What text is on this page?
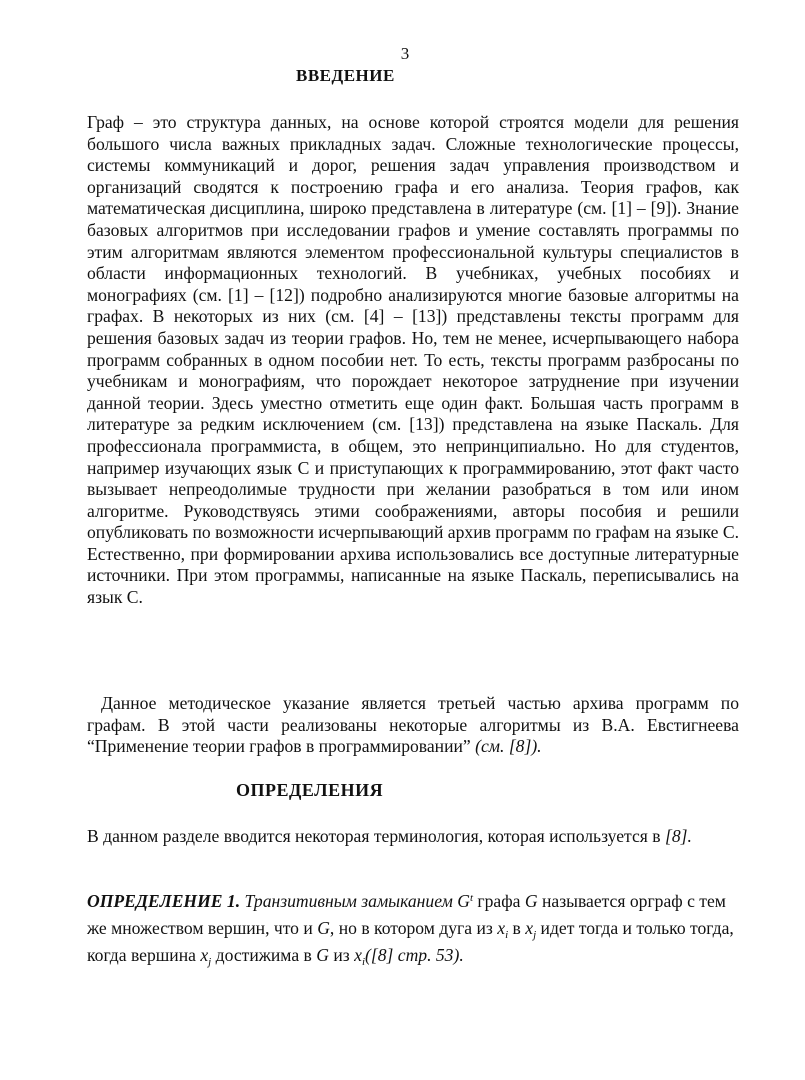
3
ВВЕДЕНИЕ

Граф – это структура данных, на основе которой строятся модели для решения большого числа важных прикладных задач. Сложные технологические процессы, системы коммуникаций и дорог, решения задач управления производством и организаций сводятся к построению графа и его анализа. Теория графов, как математическая дисциплина, широко представлена в литературе (см. [1] – [9]). Знание базовых алгоритмов при исследовании графов и умение составлять программы по этим алгоритмам являются элементом профессиональной культуры специалистов в области информационных технологий. В учебниках, учебных пособиях и монографиях (см. [1] – [12]) подробно анализируются многие базовые алгоритмы на графах. В некоторых из них (см. [4] – [13]) представлены тексты программ для решения базовых задач из теории графов. Но, тем не менее, исчерпывающего набора программ собранных в одном пособии нет. То есть, тексты программ разбросаны по учебникам и монографиям, что порождает некоторое затруднение при изучении данной теории. Здесь уместно отметить еще один факт. Большая часть программ в литературе за редким исключением (см. [13]) представлена на языке Паскаль. Для профессионала программиста, в общем, это непринципиально. Но для студентов, например изучающих язык С и приступающих к программированию, этот факт часто вызывает непреодолимые трудности при желании разобраться в том или ином алгоритме. Руководствуясь этими соображениями, авторы пособия и решили опубликовать по возможности исчерпывающий архив программ по графам на языке С. Естественно, при формировании архива использовались все доступные литературные источники. При этом программы, написанные на языке Паскаль, переписывались на язык С.

Данное методическое указание является третьей частью архива программ по графам. В этой части реализованы некоторые алгоритмы из В.А. Евстигнеева “Применение теории графов в программировании” (см. [8]).

ОПРЕДЕЛЕНИЯ

В данном разделе вводится некоторая терминология, которая используется в [8].

ОПРЕДЕЛЕНИЕ 1. Транзитивным замыканием $G^t$ графа G называется орграф с тем же множеством вершин, что и G, но в котором дуга из $x_i$ в $x_j$ идет тогда и только тогда, когда вершина $x_j$ достижима в G из $x_i([8]$ стр. 53).
